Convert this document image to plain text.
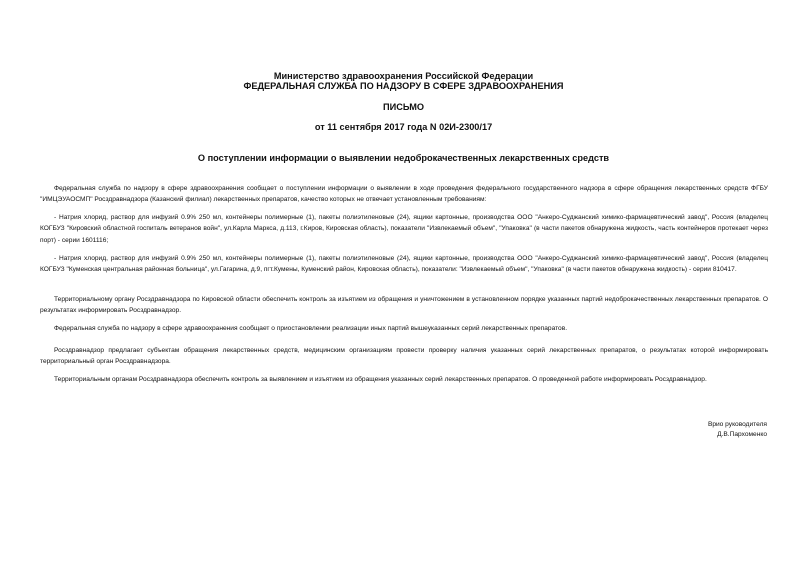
Министерство здравоохранения Российской Федерации
ФЕДЕРАЛЬНАЯ СЛУЖБА ПО НАДЗОРУ В СФЕРЕ ЗДРАВООХРАНЕНИЯ
ПИСЬМО
от 11 сентября 2017 года N 02И-2300/17
О поступлении информации о выявлении недоброкачественных лекарственных средств
Федеральная служба по надзору в сфере здравоохранения сообщает о поступлении информации о выявлении в ходе проведения федерального государственного надзора в сфере обращения лекарственных средств ФГБУ "ИМЦЭУАОСМП" Росздравнадзора (Казанский филиал) лекарственных препаратов, качество которых не отвечает установленным требованиям:
- Натрия хлорид, раствор для инфузий 0.9% 250 мл, контейнеры полимерные (1), пакеты полиэтиленовые (24), ящики картонные, производства ООО "Анкеро-Суджанский химико-фармацевтический завод", Россия (владелец КОГБУЗ "Кировский областной госпиталь ветеранов войн", ул.Карла Маркса, д.113, г.Киров, Кировская область), показатели "Извлекаемый объем", "Упаковка" (в части пакетов обнаружена жидкость, часть контейнеров протекает через порт) - серии 1601116;
- Натрия хлорид, раствор для инфузий 0.9% 250 мл, контейнеры полимерные (1), пакеты полиэтиленовые (24), ящики картонные, производства ООО "Анкеро-Суджанский химико-фармацевтический завод", Россия (владелец КОГБУЗ "Куменская центральная районная больница", ул.Гагарина, д.9, пгт.Кумены, Куменский район, Кировская область), показатели: "Извлекаемый объем", "Упаковка" (в части пакетов обнаружена жидкость) - серии 810417.
Территориальному органу Росздравнадзора по Кировской области обеспечить контроль за изъятием из обращения и уничтожением в установленном порядке указанных партий недоброкачественных лекарственных препаратов. О результатах информировать Росздравнадзор.
Федеральная служба по надзору в сфере здравоохранения сообщает о приостановлении реализации иных партий вышеуказанных серий лекарственных препаратов.
Росздравнадзор предлагает субъектам обращения лекарственных средств, медицинским организациям провести проверку наличия указанных серий лекарственных препаратов, о результатах которой информировать территориальный орган Росздравнадзора.
Территориальным органам Росздравнадзора обеспечить контроль за выявлением и изъятием из обращения указанных серий лекарственных препаратов. О проведенной работе информировать Росздравнадзор.
Врио руководителя
Д.В.Пархоменко
